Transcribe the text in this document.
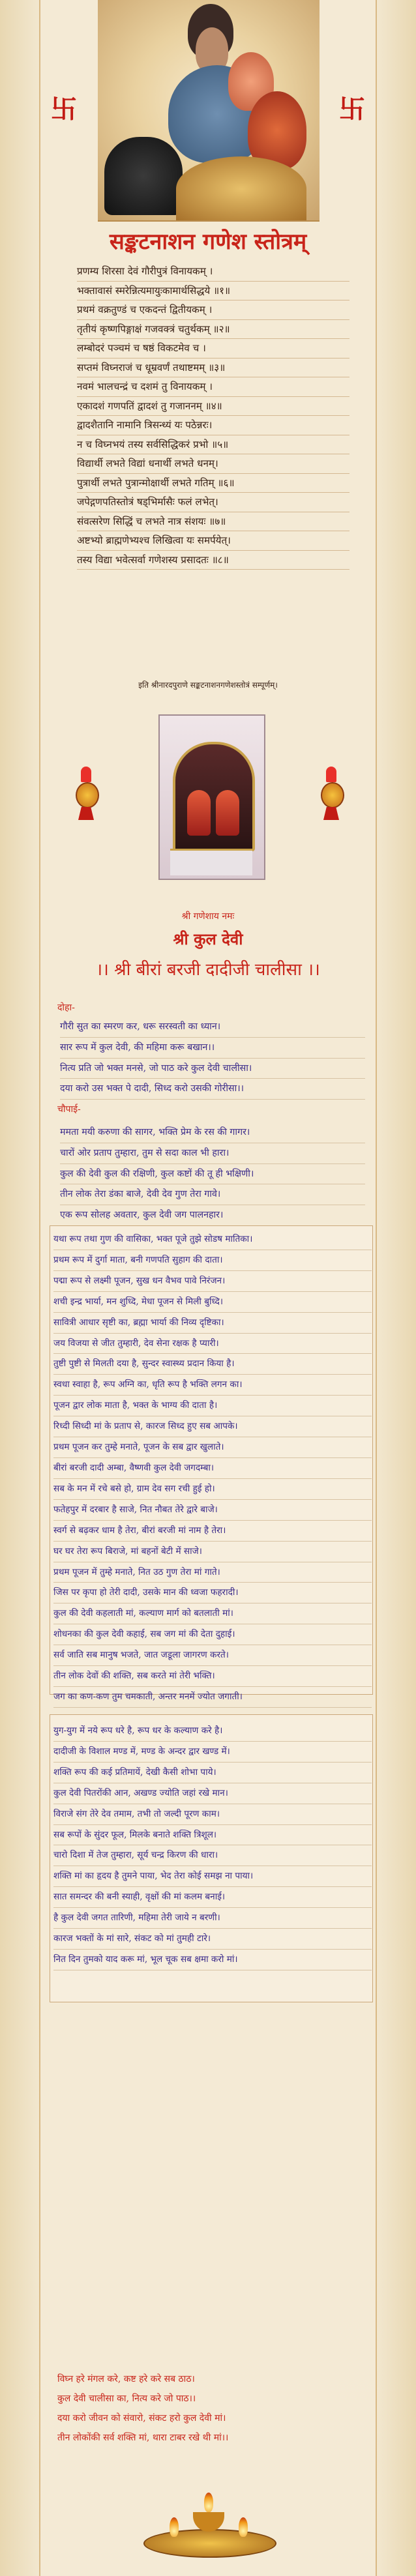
卐	卐
सङ्कटनाशन गणेश स्तोत्रम्
प्रणम्य शिरसा देवं गौरीपुत्रं विनायकम् ।
भक्तावासं स्मरेन्नित्यमायुःकामार्थसिद्धये ॥१॥
प्रथमं वक्रतुण्डं च एकदन्तं द्वितीयकम् ।
तृतीयं कृष्णपिङ्गाक्षं गजवक्त्रं चतुर्थकम् ॥२॥
लम्बोदरं पञ्चमं च षष्ठं विकटमेव च ।
सप्तमं विघ्नराजं च धूम्रवर्णं तथाष्टमम् ॥३॥
नवमं भालचन्द्रं च दशमं तु विनायकम् ।
एकादशं गणपतिं द्वादशं तु गजाननम् ॥४॥
द्वादशैतानि नामानि त्रिसन्ध्यं यः पठेन्नरः।
न च विघ्नभयं तस्य सर्वसिद्धिकरं प्रभो ॥५॥
विद्यार्थी लभते विद्यां धनार्थी लभते धनम्।
पुत्रार्थी लभते पुत्रान्मोक्षार्थी लभते गतिम् ॥६॥
जपेद्गणपतिस्तोत्रं षड्भिर्मासैः फलं लभेत्।
संवत्सरेण सिद्धिं च लभते नात्र संशयः ॥७॥
अष्टभ्यो ब्राह्मणेभ्यश्च लिखित्वा यः समर्पयेत्।
तस्य विद्या भवेत्सर्वा गणेशस्य प्रसादतः ॥८॥
इति श्रीनारदपुराणे सङ्कटनाशनगणेशस्तोत्रं सम्पूर्णम्।
श्री गणेशाय नमः
श्री कुल देवी
।। श्री बीरां बरजी दादीजी चालीसा ।।
दोहा-
गौरी सुत का स्मरण कर, धरू सरस्वती का ध्यान।
सार रूप में कुल देवी, की महिमा करू बखान।।
नित्य प्रति जो भक्त मनसे, जो पाठ करे कुल देवी चालीसा।
दया करो उस भक्त पे दादी, सिध्द करो उसकी गोरीसा।।
चौपाई-
ममता मयी करुणा की सागर, भक्ति प्रेम के रस की गागर।
चारों ओर प्रताप तुम्हारा, तुम से सदा काल भी हारा।
कुल की देवी कुल की रक्षिणी, कुल कष्टों की तू ही भक्षिणी।
तीन लोक तेरा डंका बाजे, देवी देव गुण तेरा गावे।
एक रूप सोलह अवतार, कुल देवी जग पालनहार।
यथा रूप तथा गुण की वासिका, भक्त पूजे तुझे सोडष मातिका।
प्रथम रूप में दुर्गा माता, बनी गणपति सुहाग की दाता।
पद्मा रूप से लक्ष्मी पूजन, सुख धन वैभव पावे निरंजन।
शची इन्द्र भार्या, मन शुध्दि, मेधा पूजन से मिली बुध्दि।
सावित्री आधार सृष्टी का, ब्रह्मा भार्या की निव्य दृष्टिका।
जय विजया से जीत तुम्हारी, देव सेना रक्षक है प्यारी।
तुष्टी पुष्टी से मिलती दया है, सुन्दर स्वास्थ्य प्रदान किया है।
स्वधा स्वाहा है, रूप अग्नि का, धृति रूप है भक्ति लगन का।
पूजन द्वार लोक माता है, भक्त के भाग्य की दाता है।
रिध्दी सिध्दी मां के प्रताप से, कारज सिध्द हुए सब आपके।
प्रथम पूजन कर तुम्हे मनाते, पूजन के सब द्वार खुलाते।
बीरां बरजी दादी अम्बा, वैष्णवी कुल देवी जगदम्बा।
सब के मन में रचे बसे हो, ग्राम देव सग रची हुई हो।
फतेहपुर में दरबार है साजे, नित नौबत तेरे द्वारे बाजे।
स्वर्ग से बढ़कर धाम है तेरा, बीरां बरजी मां नाम है तेरा।
घर घर तेरा रूप बिराजे, मां बहनों बेटी में साजे।
प्रथम पूजन में तुम्हे मनाते, नित उठ गुण तेरा मां गाते।
जिस पर कृपा हो तेरी दादी, उसके मान की ध्वजा फहरादी।
कुल की देवी कहलाती मां, कल्याण मार्ग को बतलाती मां।
शोधनका की कुल देवी कहाई, सब जग मां की देता दुहाई।
सर्व जाति सब मानुष भजते, जात जडूला जागरण करते।
तीन लोक देवों की शक्ति, सब करते मां तेरी भक्ति।
जग का कण-कण तुम चमकाती, अन्तर मनमें ज्योत जगाती।
युग-युग में नये रूप धरे है, रूप धर के कल्याण करे है।
दादीजी के विशाल मण्ड में, मण्ड के अन्दर द्वार खण्ड में।
शक्ति रूप की कई प्रतिमायें, देखी कैसी शोभा पाये।
कुल देवी पितरोंकी आन, अखण्ड ज्योति जहां रखे मान।
विराजे संग तेरे देव तमाम, तभी तो जल्दी पूरण काम।
सब रूपों के सुंदर फूल, मिलके बनाते शक्ति त्रिशूल।
चारो दिशा में तेज तुम्हारा, सूर्य चन्द्र किरण की धारा।
शक्ति मां का हृदय है तुमने पाया, भेद तेरा कोई समझ ना पाया।
सात समन्दर की बनी स्याही, वृक्षों की मां कलम बनाई।
है कुल देवी जगत तारिणी, महिमा तेरी जाये न बरणी।
कारज भक्तों के मां सारे, संकट को मां तुमही टारे।
नित दिन तुमको याद करू मां, भूल चूक सब क्षमा करो मां।
विघ्न हरे मंगल करे, कष्ट हरे करे सब ठाठ।
कुल देवी चालीसा का, नित्य करे जो पाठ।।
दया करो जीवन को संवारो, संकट हरो कुल देवी मां।
तीन लोकोंकी सर्व शक्ति मां, थारा टाबर रखे थी मां।।
